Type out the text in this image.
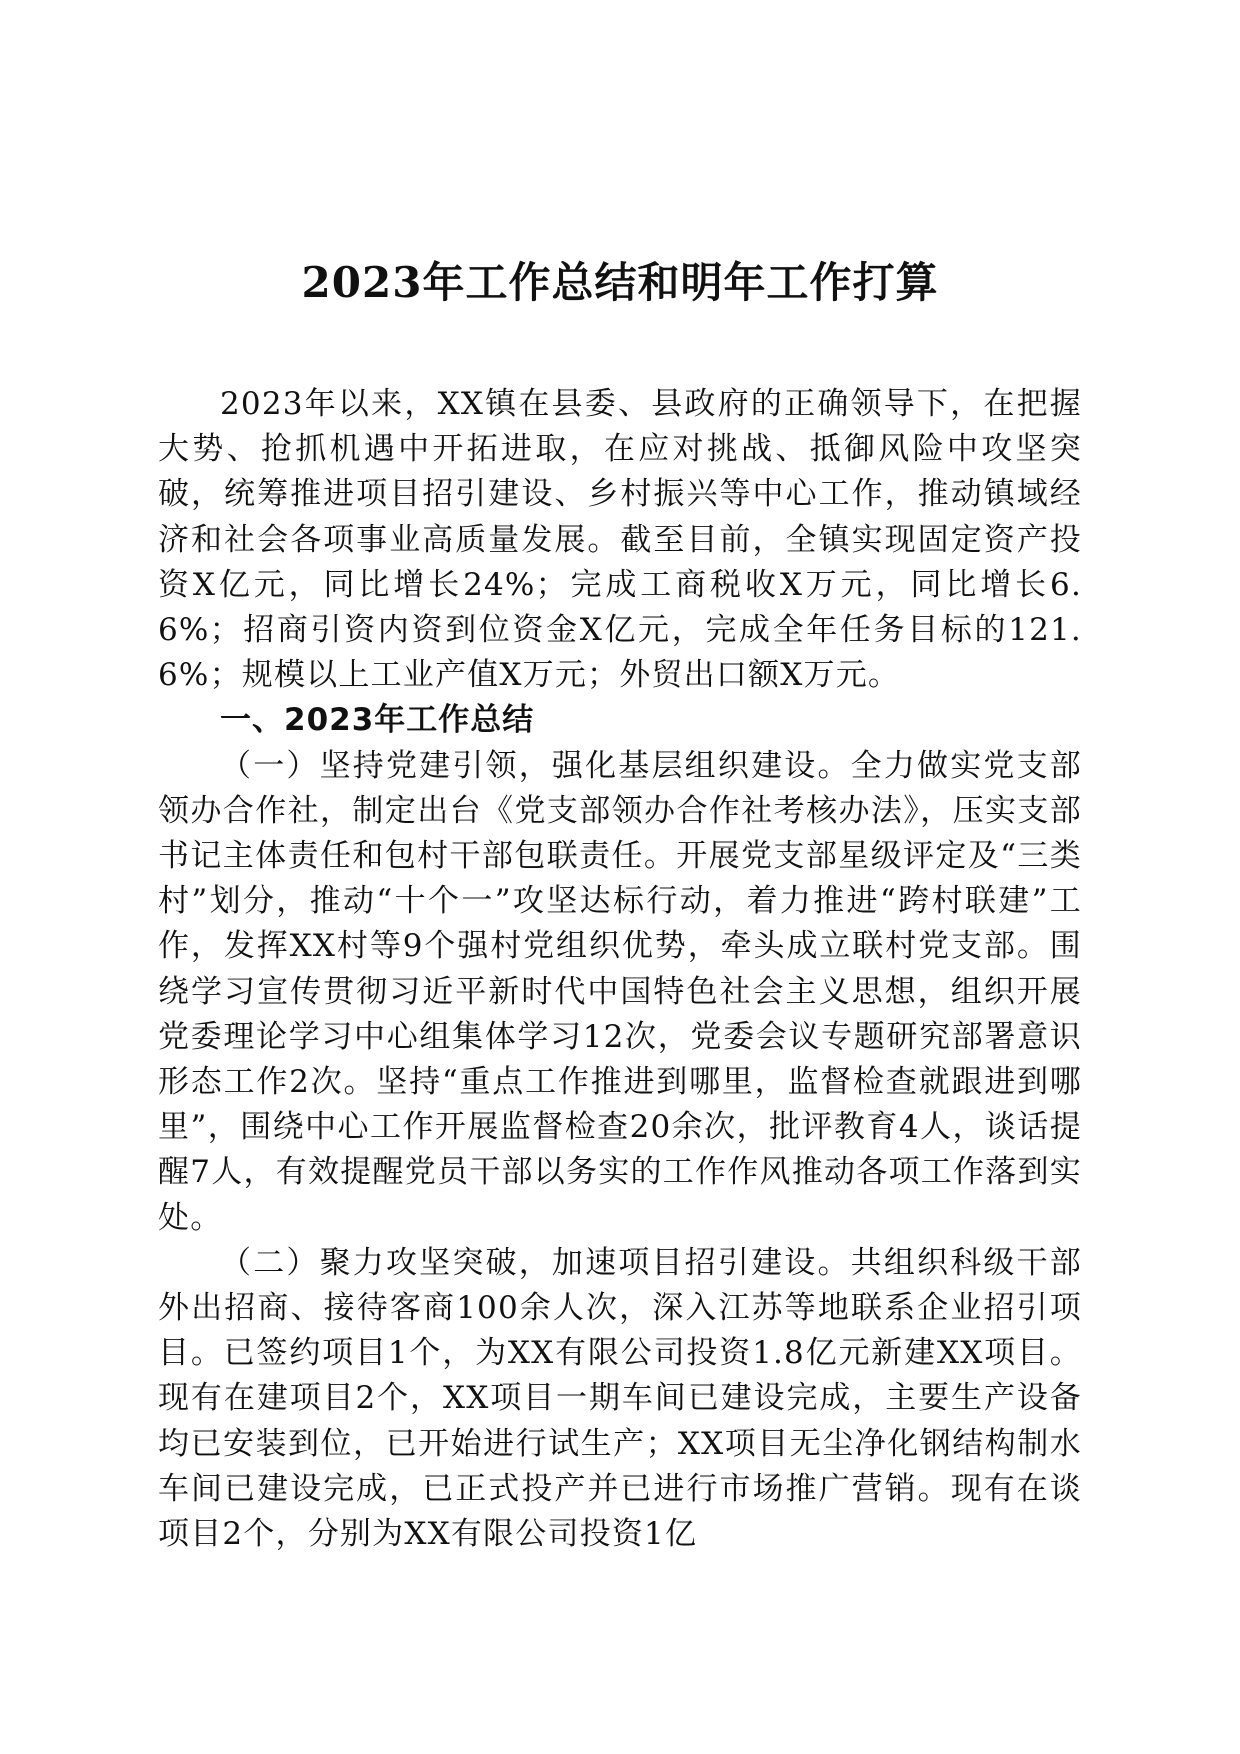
2023年工作总结和明年工作打算

2023年以来，XX镇在县委、县政府的正确领导下，在把握大势、抢抓机遇中开拓进取，在应对挑战、抵御风险中攻坚突破，统筹推进项目招引建设、乡村振兴等中心工作，推动镇域经济和社会各项事业高质量发展。截至目前，全镇实现固定资产投资X亿元，同比增长24%；完成工商税收X万元，同比增长6.6%；招商引资内资到位资金X亿元，完成全年任务目标的121.6%；规模以上工业产值X万元；外贸出口额X万元。

一、2023年工作总结

（一）坚持党建引领，强化基层组织建设。全力做实党支部领办合作社，制定出台《党支部领办合作社考核办法》，压实支部书记主体责任和包村干部包联责任。开展党支部星级评定及“三类村”划分，推动“十个一”攻坚达标行动，着力推进“跨村联建”工作，发挥XX村等9个强村党组织优势，牵头成立联村党支部。围绕学习宣传贯彻习近平新时代中国特色社会主义思想，组织开展党委理论学习中心组集体学习12次，党委会议专题研究部署意识形态工作2次。坚持“重点工作推进到哪里，监督检查就跟进到哪里”，围绕中心工作开展监督检查20余次，批评教育4人，谈话提醒7人，有效提醒党员干部以务实的工作作风推动各项工作落到实处。

（二）聚力攻坚突破，加速项目招引建设。共组织科级干部外出招商、接待客商100余人次，深入江苏等地联系企业招引项目。已签约项目1个，为XX有限公司投资1.8亿元新建XX项目。现有在建项目2个，XX项目一期车间已建设完成，主要生产设备均已安装到位，已开始进行试生产；XX项目无尘净化钢结构制水车间已建设完成，已正式投产并已进行市场推广营销。现有在谈项目2个，分别为XX有限公司投资1亿
